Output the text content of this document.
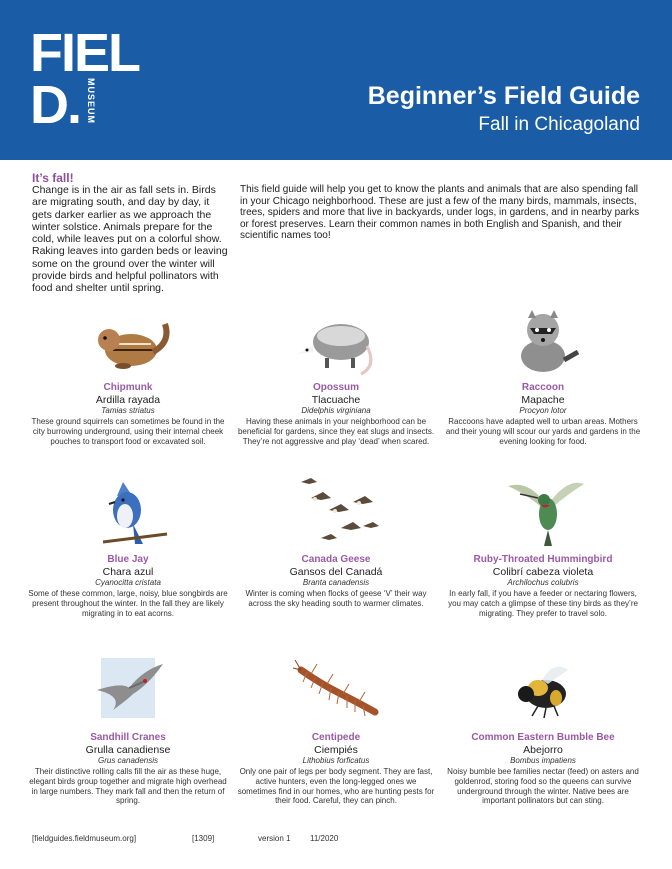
FIEL
D. MUSEUM	Beginner’s Field Guide
Fall in Chicagoland
It’s fall!
Change is in the air as fall sets in. Birds are migrating south, and day by day, it gets darker earlier as we approach the winter solstice. Animals prepare for the cold, while leaves put on a colorful show. Raking leaves into garden beds or leaving some on the ground over the winter will provide birds and helpful pollinators with food and shelter until spring.
This field guide will help you get to know the plants and animals that are also spending fall in your Chicago neighborhood. These are just a few of the many birds, mammals, insects, trees, spiders and more that live in backyards, under logs, in gardens, and in nearby parks or forest preserves. Learn their common names in both English and Spanish, and their scientific names too!
Chipmunk
Ardilla rayada
Tamias striatus
These ground squirrels can sometimes be found in the city burrowing underground, using their internal cheek pouches to transport food or excavated soil.
Opossum
Tlacuache
Didelphis virginiana
Having these animals in your neighborhood can be beneficial for gardens, since they eat slugs and insects. They’re not aggressive and play ‘dead’ when scared.
Raccoon
Mapache
Procyon lotor
Raccoons have adapted well to urban areas. Mothers and their young will scour our yards and gardens in the evening looking for food.
Blue Jay
Chara azul
Cyanocitta cristata
Some of these common, large, noisy, blue songbirds are present throughout the winter. In the fall they are likely migrating in to eat acorns.
Canada Geese
Gansos del Canadá
Branta canadensis
Winter is coming when flocks of geese ‘V’ their way across the sky heading south to warmer climates.
Ruby-Throated Hummingbird
Colibrí cabeza violeta
Archilochus colubris
In early fall, if you have a feeder or nectaring flowers, you may catch a glimpse of these tiny birds as they’re migrating. They prefer to travel solo.
Sandhill Cranes
Grulla canadiense
Grus canadensis
Their distinctive rolling calls fill the air as these huge, elegant birds group together and migrate high overhead in large numbers. They mark fall and then the return of spring.
Centipede
Ciempiés
Lithobius forficatus
Only one pair of legs per body segment. They are fast, active hunters, even the long-legged ones we sometimes find in our homes, who are hunting pests for their food. Careful, they can pinch.
Common Eastern Bumble Bee
Abejorro
Bombus impatiens
Noisy bumble bee families nectar (feed) on asters and goldenrod, storing food so the queens can survive underground through the winter. Native bees are important pollinators but can sting.
[fieldguides.fieldmuseum.org]	[1309]	version 1 11/2020
